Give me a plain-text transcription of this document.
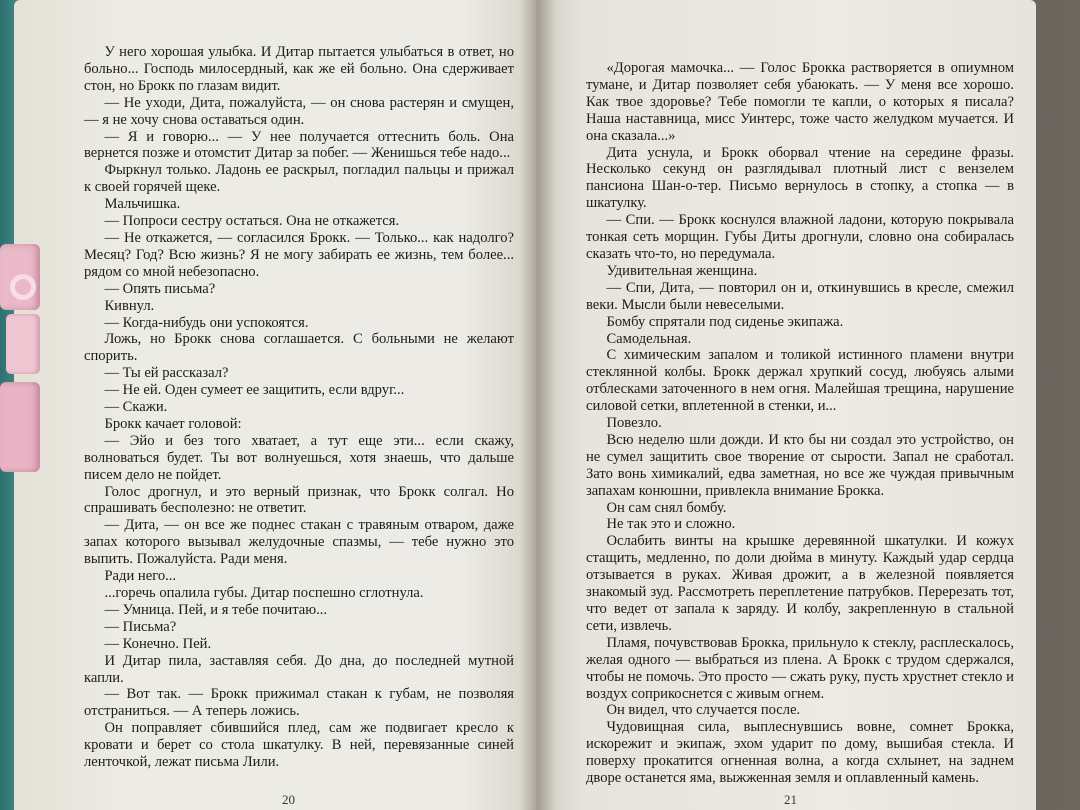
У него хорошая улыбка. И Дитар пытается улыбаться в ответ, но больно... Господь милосердный, как же ей больно. Она сдерживает стон, но Брокк по глазам видит.

— Не уходи, Дита, пожалуйста, — он снова растерян и смущен, — я не хочу снова оставаться один.

— Я и говорю... — У нее получается оттеснить боль. Она вернется позже и отомстит Дитар за побег. — Женишься тебе надо...

Фыркнул только. Ладонь ее раскрыл, погладил пальцы и прижал к своей горячей щеке.

Мальчишка.

— Попроси сестру остаться. Она не откажется.

— Не откажется, — согласился Брокк. — Только... как надолго? Месяц? Год? Всю жизнь? Я не могу забирать ее жизнь, тем более... рядом со мной небезопасно.

— Опять письма?

Кивнул.

— Когда-нибудь они успокоятся.

Ложь, но Брокк снова соглашается. С больными не желают спорить.

— Ты ей рассказал?

— Не ей. Оден сумеет ее защитить, если вдруг...

— Скажи.

Брокк качает головой:

— Эйо и без того хватает, а тут еще эти... если скажу, волноваться будет. Ты вот волнуешься, хотя знаешь, что дальше писем дело не пойдет.

Голос дрогнул, и это верный признак, что Брокк солгал. Но спрашивать бесполезно: не ответит.

— Дита, — он все же поднес стакан с травяным отваром, даже запах которого вызывал желудочные спазмы, — тебе нужно это выпить. Пожалуйста. Ради меня.

Ради него...

...горечь опалила губы. Дитар поспешно сглотнула.

— Умница. Пей, и я тебе почитаю...

— Письма?

— Конечно. Пей.

И Дитар пила, заставляя себя. До дна, до последней мутной капли.

— Вот так. — Брокк прижимал стакан к губам, не позволяя отстраниться. — А теперь ложись.

Он поправляет сбившийся плед, сам же подвигает кресло к кровати и берет со стола шкатулку. В ней, перевязанные синей ленточкой, лежат письма Лили.

20

«Дорогая мамочка... — Голос Брокка растворяется в опиумном тумане, и Дитар позволяет себя убаюкать. — У меня все хорошо. Как твое здоровье? Тебе помогли те капли, о которых я писала? Наша наставница, мисс Уинтерс, тоже часто желудком мучается. И она сказала...»

Дита уснула, и Брокк оборвал чтение на середине фразы. Несколько секунд он разглядывал плотный лист с вензелем пансиона Шан-о-тер. Письмо вернулось в стопку, а стопка — в шкатулку.

— Спи. — Брокк коснулся влажной ладони, которую покрывала тонкая сеть морщин. Губы Диты дрогнули, словно она собиралась сказать что-то, но передумала.

Удивительная женщина.

— Спи, Дита, — повторил он и, откинувшись в кресле, смежил веки. Мысли были невеселыми.

Бомбу спрятали под сиденье экипажа.

Самодельная.

С химическим запалом и толикой истинного пламени внутри стеклянной колбы. Брокк держал хрупкий сосуд, любуясь алыми отблесками заточенного в нем огня. Малейшая трещина, нарушение силовой сетки, вплетенной в стенки, и...

Повезло.

Всю неделю шли дожди. И кто бы ни создал это устройство, он не сумел защитить свое творение от сырости. Запал не сработал. Зато вонь химикалий, едва заметная, но все же чуждая привычным запахам конюшни, привлекла внимание Брокка.

Он сам снял бомбу.

Не так это и сложно.

Ослабить винты на крышке деревянной шкатулки. И кожух стащить, медленно, по доли дюйма в минуту. Каждый удар сердца отзывается в руках. Живая дрожит, а в железной появляется знакомый зуд. Рассмотреть переплетение патрубков. Перерезать тот, что ведет от запала к заряду. И колбу, закрепленную в стальной сети, извлечь.

Пламя, почувствовав Брокка, прильнуло к стеклу, расплескалось, желая одного — выбраться из плена. А Брокк с трудом сдержался, чтобы не помочь. Это просто — сжать руку, пусть хрустнет стекло и воздух соприкоснется с живым огнем.

Он видел, что случается после.

Чудовищная сила, выплеснувшись вовне, сомнет Брокка, искорежит и экипаж, эхом ударит по дому, вышибая стекла. И поверху прокатится огненная волна, а когда схлынет, на заднем дворе останется яма, выжженная земля и оплавленный камень.

21
